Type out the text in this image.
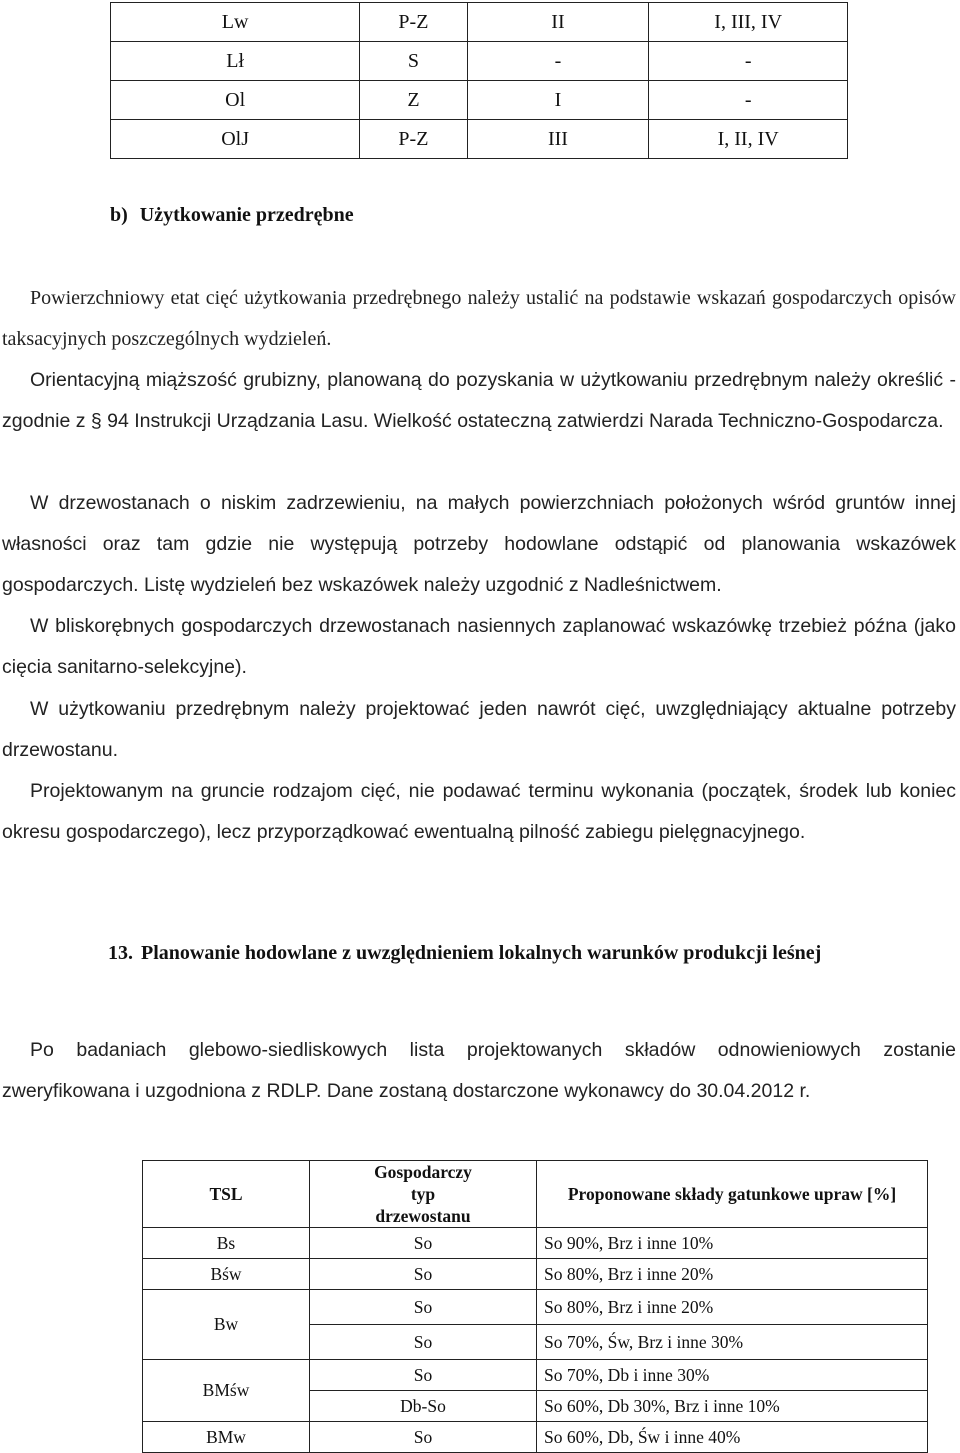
Lw	P-Z	II	I, III, IV
Lł	S	-	-
Ol	Z	I	-
OlJ	P-Z	III	I, II, IV
b) Użytkowanie przedrębne

Powierzchniowy etat cięć użytkowania przedrębnego należy ustalić na podstawie wskazań gospodarczych opisów taksacyjnych poszczególnych wydzieleń.

Orientacyjną miąższość grubizny, planowaną do pozyskania w użytkowaniu przedrębnym należy określić - zgodnie z § 94 Instrukcji Urządzania Lasu. Wielkość ostateczną zatwierdzi Narada Techniczno-Gospodarcza.

W drzewostanach o niskim zadrzewieniu, na małych powierzchniach położonych wśród gruntów innej własności oraz tam gdzie nie występują potrzeby hodowlane odstąpić od planowania wskazówek gospodarczych. Listę wydzieleń bez wskazówek należy uzgodnić z Nadleśnictwem.

W bliskorębnych gospodarczych drzewostanach nasiennych zaplanować wskazówkę trzebież późna (jako cięcia sanitarno-selekcyjne).

W użytkowaniu przedrębnym należy projektować jeden nawrót cięć, uwzględniający aktualne potrzeby drzewostanu.

Projektowanym na gruncie rodzajom cięć, nie podawać terminu wykonania (początek, środek lub koniec okresu gospodarczego), lecz przyporządkować ewentualną pilność zabiegu pielęgnacyjnego.

13. Planowanie hodowlane z uwzględnieniem lokalnych warunków produkcji leśnej

Po badaniach glebowo-siedliskowych lista projektowanych składów odnowieniowych zostanie zweryfikowana i uzgodniona z RDLP. Dane zostaną dostarczone wykonawcy do 30.04.2012 r.

TSL	Gospodarczy typ drzewostanu	Proponowane składy gatunkowe upraw [%]
Bs	So	So 90%, Brz i inne 10%
Bśw	So	So 80%, Brz i inne 20%
Bw	So	So 80%, Brz i inne 20%
	So	So 70%, Św, Brz i inne 30%
BMśw	So	So 70%, Db i inne 30%
	Db-So	So 60%, Db 30%, Brz i inne 10%
BMw	So	So 60%, Db, Św i inne 40%
